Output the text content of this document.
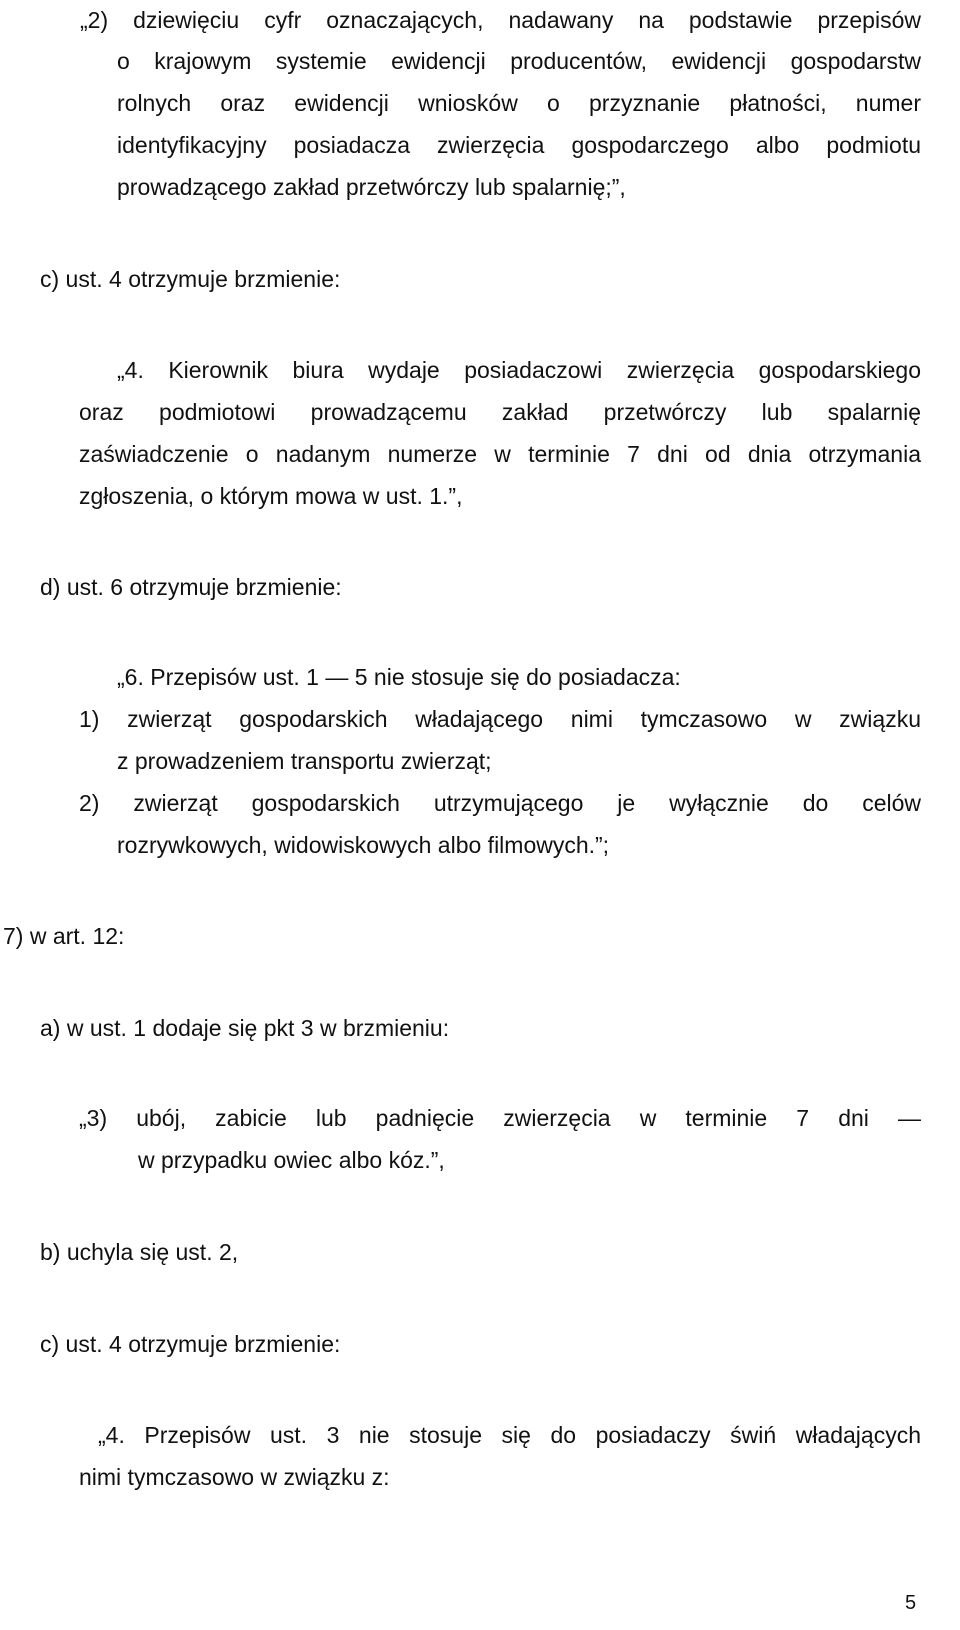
„2) dziewięciu cyfr oznaczających, nadawany na podstawie przepisów
o krajowym systemie ewidencji producentów, ewidencji gospodarstw
rolnych oraz ewidencji wniosków o przyznanie płatności, numer
identyfikacyjny posiadacza zwierzęcia gospodarczego albo podmiotu
prowadzącego zakład przetwórczy lub spalarnię;”,
c) ust. 4 otrzymuje brzmienie:
„4. Kierownik biura wydaje posiadaczowi zwierzęcia gospodarskiego
oraz podmiotowi prowadzącemu zakład przetwórczy lub spalarnię
zaświadczenie o nadanym numerze w terminie 7 dni od dnia otrzymania
zgłoszenia, o którym mowa w ust. 1.”,
d) ust. 6 otrzymuje brzmienie:
„6. Przepisów ust. 1 — 5 nie stosuje się do posiadacza:
1) zwierząt gospodarskich władającego nimi tymczasowo w związku
z prowadzeniem transportu zwierząt;
2) zwierząt gospodarskich utrzymującego je wyłącznie do celów
rozrywkowych, widowiskowych albo filmowych.”;
7) w art. 12:
a) w ust. 1 dodaje się pkt 3 w brzmieniu:
„3) ubój, zabicie lub padnięcie zwierzęcia w terminie 7 dni —
w przypadku owiec albo kóz.”,
b) uchyla się ust. 2,
c) ust. 4 otrzymuje brzmienie:
„4. Przepisów ust. 3 nie stosuje się do posiadaczy świń władających
nimi tymczasowo w związku z:
5
